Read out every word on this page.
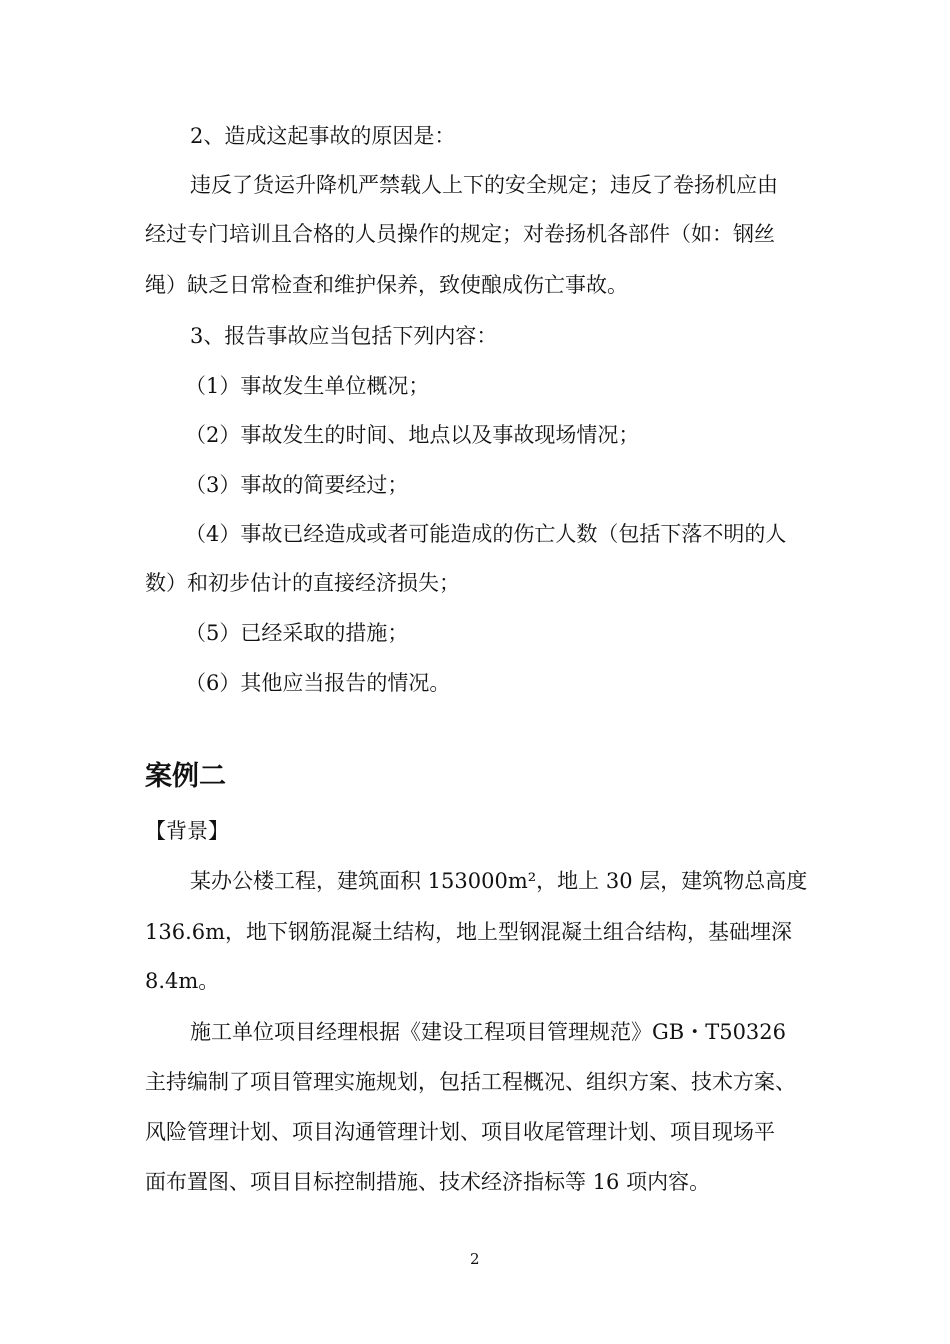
2、造成这起事故的原因是：

违反了货运升降机严禁载人上下的安全规定；违反了卷扬机应由

经过专门培训且合格的人员操作的规定；对卷扬机各部件（如：钢丝

绳）缺乏日常检查和维护保养，致使酿成伤亡事故。

3、报告事故应当包括下列内容：

（1）事故发生单位概况；

（2）事故发生的时间、地点以及事故现场情况；

（3）事故的简要经过；

（4）事故已经造成或者可能造成的伤亡人数（包括下落不明的人

数）和初步估计的直接经济损失；

（5）已经采取的措施；

（6）其他应当报告的情况。

案例二

【背景】

某办公楼工程，建筑面积 153000m²，地上 30 层，建筑物总高度

136.6m，地下钢筋混凝土结构，地上型钢混凝土组合结构，基础埋深

8.4m。

施工单位项目经理根据《建设工程项目管理规范》GB・T50326

主持编制了项目管理实施规划，包括工程概况、组织方案、技术方案、

风险管理计划、项目沟通管理计划、项目收尾管理计划、项目现场平

面布置图、项目目标控制措施、技术经济指标等 16 项内容。

2
